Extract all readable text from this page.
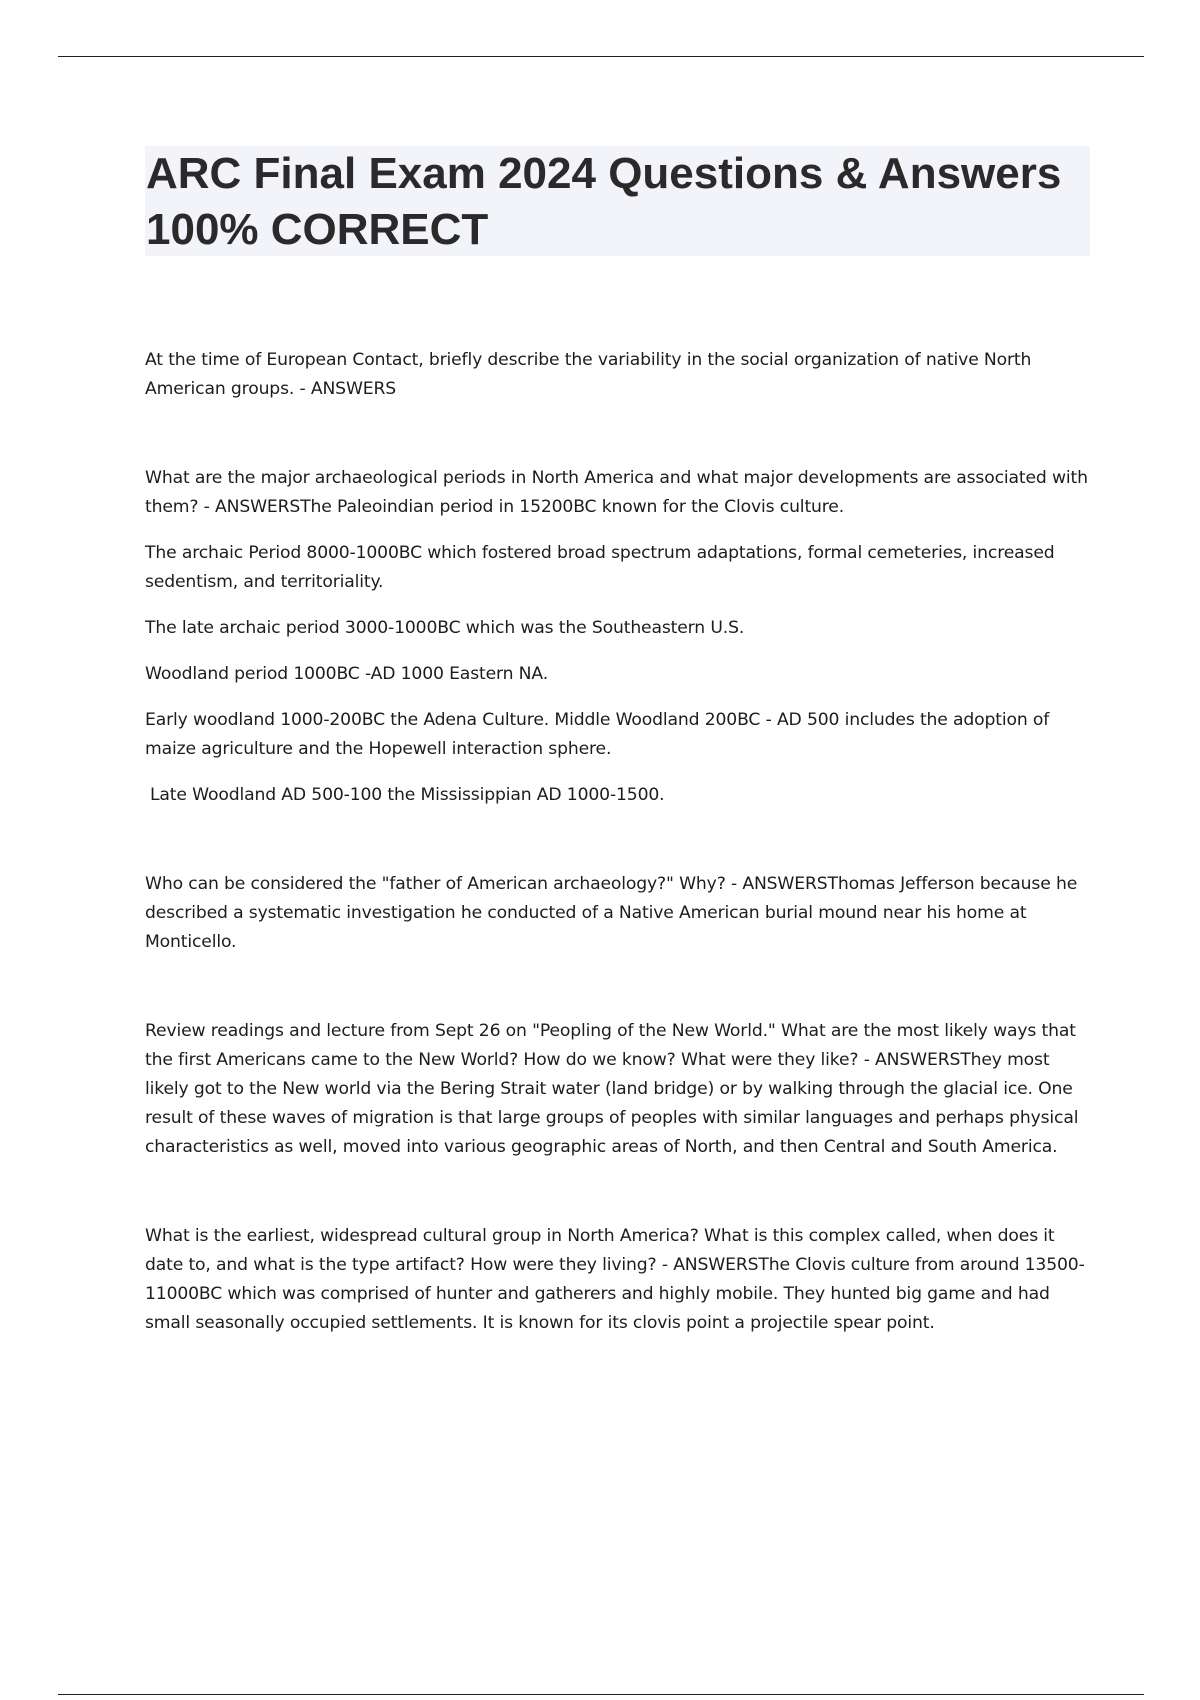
ARC Final Exam 2024 Questions & Answers 100% CORRECT

At the time of European Contact, briefly describe the variability in the social organization of native North American groups. - ANSWERS

What are the major archaeological periods in North America and what major developments are associated with them? - ANSWERSThe Paleoindian period in 15200BC known for the Clovis culture.

The archaic Period 8000-1000BC which fostered broad spectrum adaptations, formal cemeteries, increased sedentism, and territoriality.

The late archaic period 3000-1000BC which was the Southeastern U.S.

Woodland period 1000BC -AD 1000 Eastern NA.

Early woodland 1000-200BC the Adena Culture. Middle Woodland 200BC - AD 500 includes the adoption of maize agriculture and the Hopewell interaction sphere.

Late Woodland AD 500-100 the Mississippian AD 1000-1500.

Who can be considered the "father of American archaeology?" Why? - ANSWERSThomas Jefferson because he described a systematic investigation he conducted of a Native American burial mound near his home at Monticello.

Review readings and lecture from Sept 26 on "Peopling of the New World." What are the most likely ways that the first Americans came to the New World? How do we know? What were they like? - ANSWERSThey most likely got to the New world via the Bering Strait water (land bridge) or by walking through the glacial ice. One result of these waves of migration is that large groups of peoples with similar languages and perhaps physical characteristics as well, moved into various geographic areas of North, and then Central and South America.

What is the earliest, widespread cultural group in North America? What is this complex called, when does it date to, and what is the type artifact? How were they living? - ANSWERSThe Clovis culture from around 13500-11000BC which was comprised of hunter and gatherers and highly mobile. They hunted big game and had small seasonally occupied settlements. It is known for its clovis point a projectile spear point.
